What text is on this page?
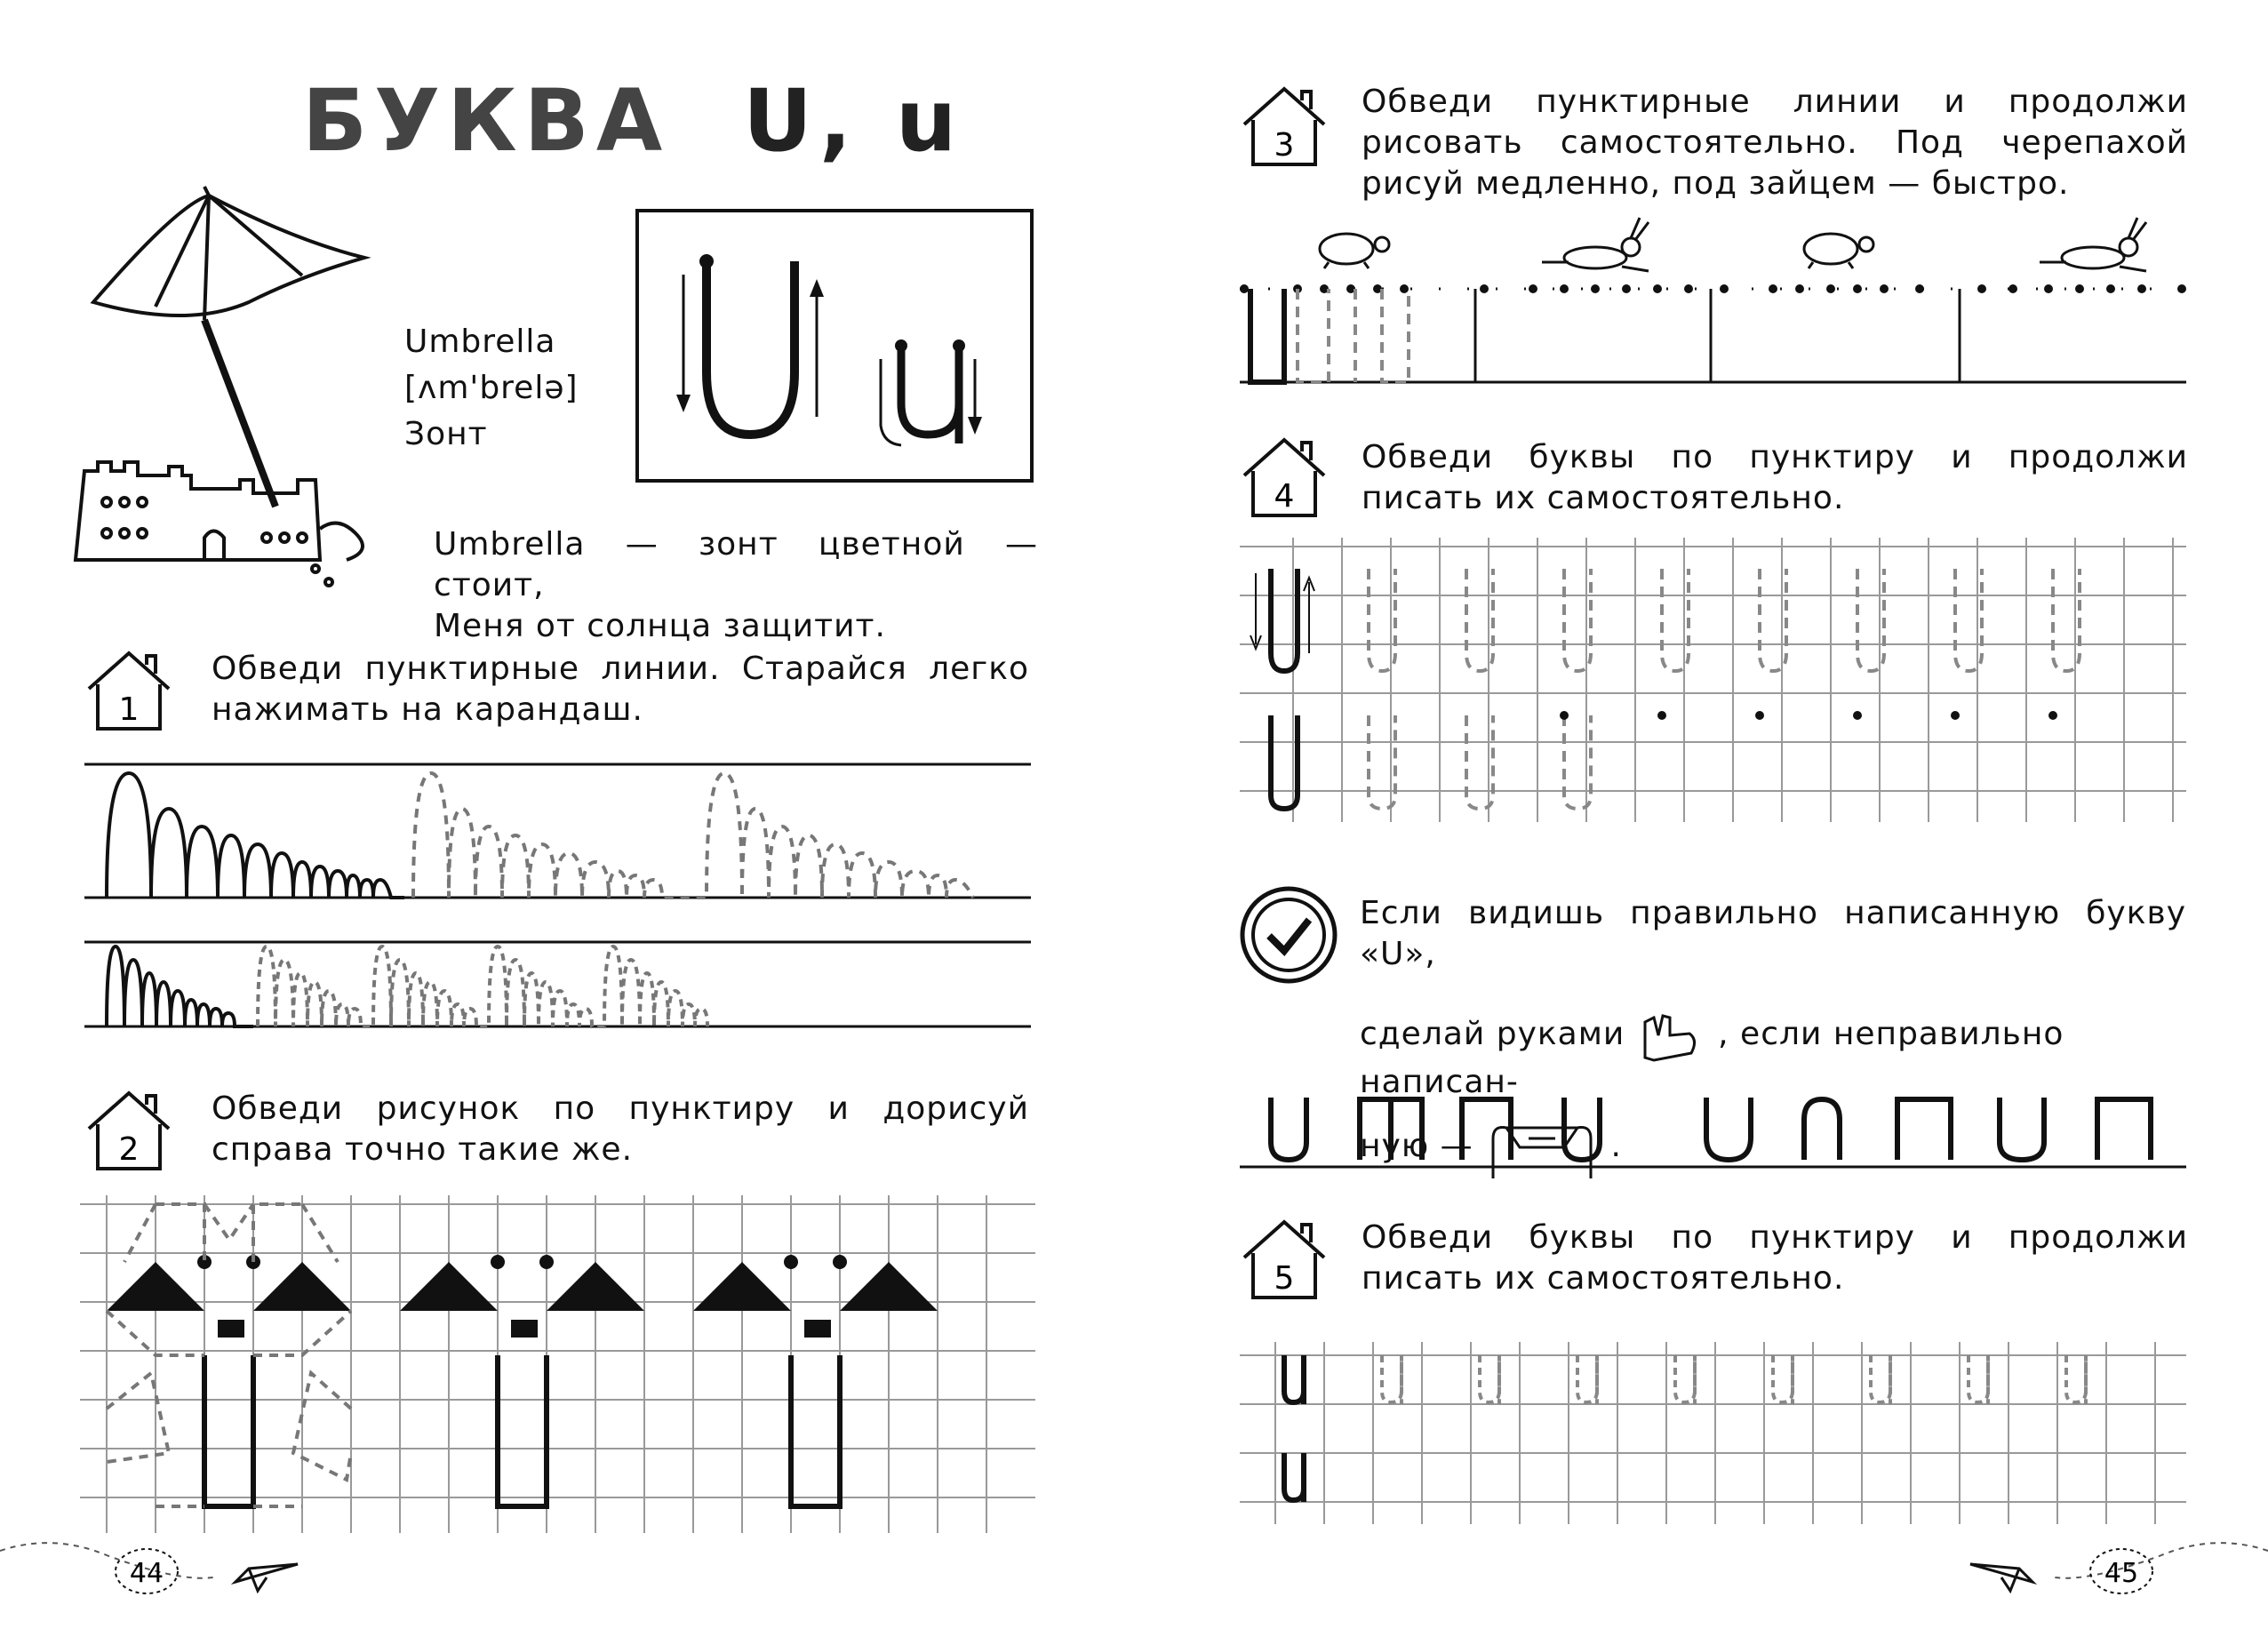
БУКВА U, u
Umbrella
[ʌm'brelə]
Зонт
Umbrella — зонт цветной — стоит,
Меня от солнца защитит.
1
Обведи пунктирные линии. Старайся легко нажимать на карандаш.
2
Обведи рисунок по пунктиру и дорисуй справа точно такие же.
44
3
Обведи пунктирные линии и продолжи рисовать самостоятельно. Под черепахой рисуй медленно, под зайцем — быстро.
4
Обведи буквы по пунктиру и продолжи писать их самостоятельно.
Если видишь правильно написанную букву «U»,
сделай руками	, если неправильно написан-
ную —	.
5
Обведи буквы по пунктиру и продолжи писать их самостоятельно.
45
